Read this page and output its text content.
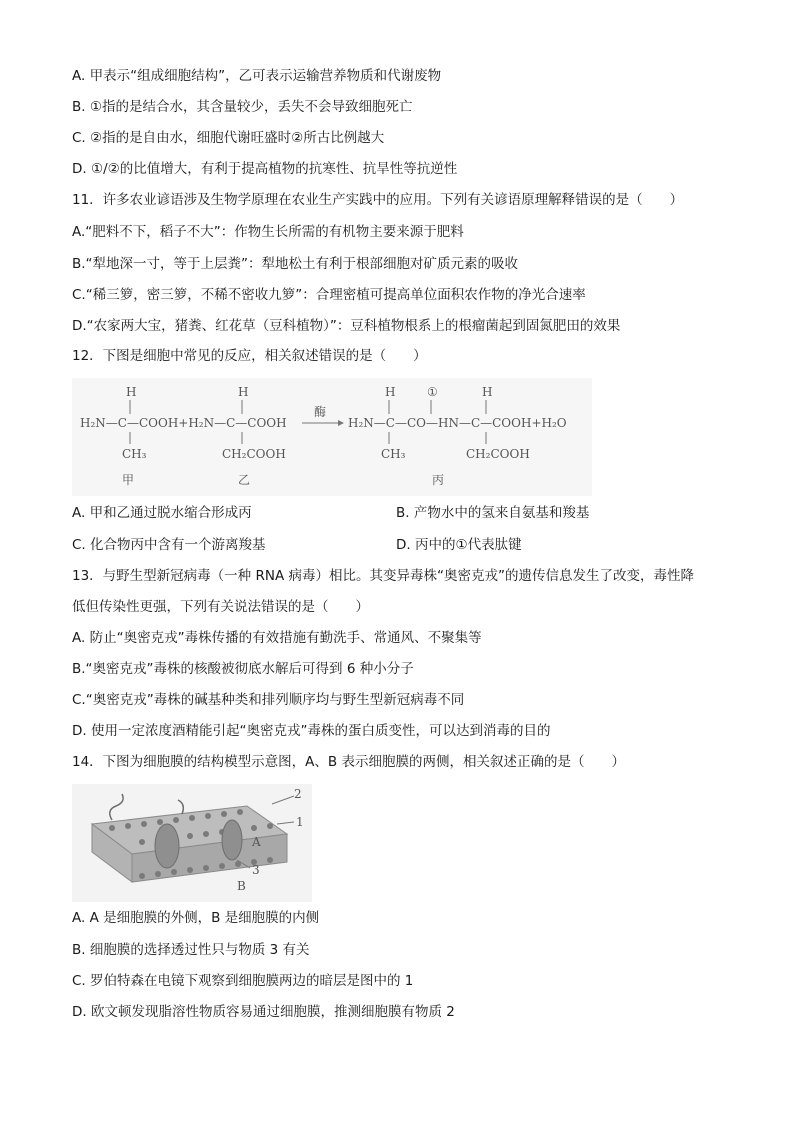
A. 甲表示“组成细胞结构”，乙可表示运输营养物质和代谢废物
B. ①指的是结合水，其含量较少，丢失不会导致细胞死亡
C. ②指的是自由水，细胞代谢旺盛时②所古比例越大
D. ①/②的比值增大，有利于提高植物的抗寒性、抗旱性等抗逆性
11．许多农业谚语涉及生物学原理在农业生产实践中的应用。下列有关谚语原理解释错误的是（　　）
A.“肥料不下，稻子不大”：作物生长所需的有机物主要来源于肥料
B.“犁地深一寸，等于上层粪”：犁地松土有利于根部细胞对矿质元素的吸收
C.“稀三箩，密三箩，不稀不密收九箩”：合理密植可提高单位面积农作物的净光合速率
D.“农家两大宝，猪粪、红花草（豆科植物）”：豆科植物根系上的根瘤菌起到固氮肥田的效果
12．下图是细胞中常见的反应，相关叙述错误的是（　　）
H	H	H	H
①
H₂N—C—COOH+H₂N—C—COOH
酶
H₂N—C—CO—HN—C—COOH+H₂O
CH₃	CH₂COOH	CH₃	CH₂COOH
甲	乙	丙
A. 甲和乙通过脱水缩合形成丙	B. 产物水中的氢来自氨基和羧基
C. 化合物丙中含有一个游离羧基	D. 丙中的①代表肽键
13．与野生型新冠病毒（一种 RNA 病毒）相比。其变异毒株“奥密克戎”的遗传信息发生了改变，毒性降
低但传染性更强，下列有关说法错误的是（　　）
A. 防止“奥密克戎”毒株传播的有效措施有勤洗手、常通风、不聚集等
B.“奥密克戎”毒株的核酸被彻底水解后可得到 6 种小分子
C.“奥密克戎”毒株的碱基种类和排列顺序均与野生型新冠病毒不同
D. 使用一定浓度酒精能引起“奥密克戎”毒株的蛋白质变性，可以达到消毒的目的
14．下图为细胞膜的结构模型示意图，A、B 表示细胞膜的两侧，相关叙述正确的是（　　）
2
1
3
A
B
A. A 是细胞膜的外侧，B 是细胞膜的内侧
B. 细胞膜的选择透过性只与物质 3 有关
C. 罗伯特森在电镜下观察到细胞膜两边的暗层是图中的 1
D. 欧文顿发现脂溶性物质容易通过细胞膜，推测细胞膜有物质 2
